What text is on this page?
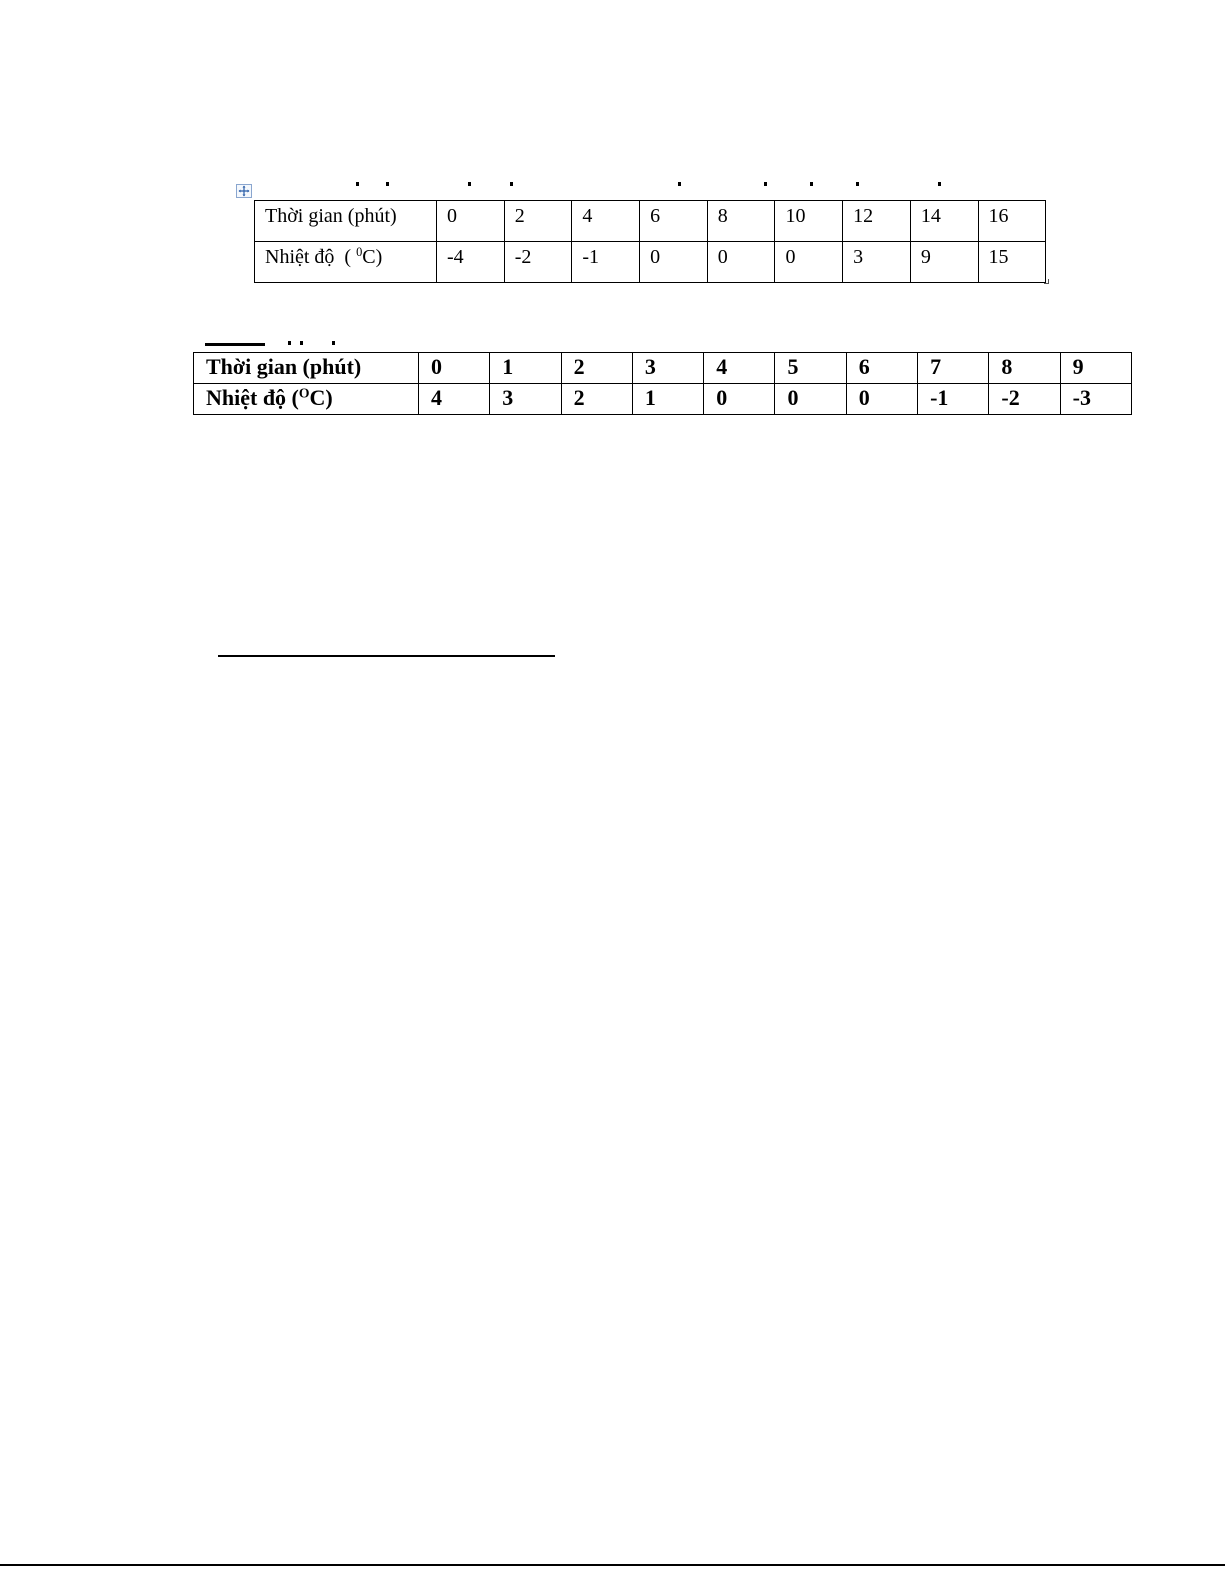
Thời gian (phút)	0	2	4	6	8	10	12	14	16
Nhiệt độ  ( $^0$C)	-4	-2	-1	0	0	0	3	9	15
Thời gian (phút)	0	1	2	3	4	5	6	7	8	9
Nhiệt độ ($^O$C)	4	3	2	1	0	0	0	-1	-2	-3
